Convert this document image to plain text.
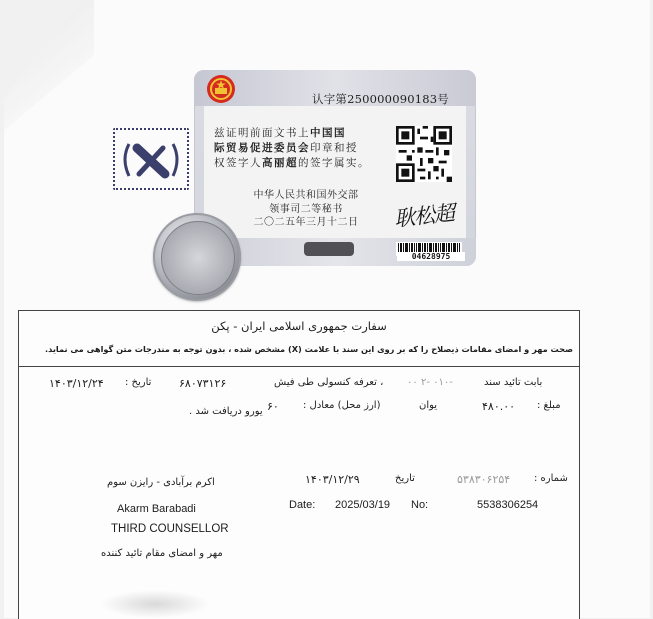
认字第250000090183号
兹证明前面文书上中国国
际贸易促进委员会印章和授
权签字人高丽超的签字属实。
中华人民共和国外交部
领事司二等秘书
二〇二五年三月十二日	耿松超
04628975
سفارت جمهوری اسلامی ایران - پکن
صحت مهر و امضای مقامات ذیصلاح را که بر روی این سند با علامت (X) مشخص شده ، بدون توجه به مندرجات متن گواهی می نماید.
بابت تائید سند
-٠١٠ -٢ ٠٠
، تعرفه کنسولی طی فیش
۶۸۰۷۳۱۲۶
تاریخ :
۱۴۰۳/۱۲/۲۴
مبلغ :
۴۸۰.۰۰
یوان
(ارز محل) معادل :
۶۰
یورو دریافت شد .
اکرم برآبادی - رایزن سوم
Akarm Barabadi
THIRD COUNSELLOR
مهر و امضای مقام تائید کننده
شماره :
۵۳۸۳۰۶۲۵۴
تاریخ
۱۴۰۳/۱۲/۲۹
Date: 2025/03/19 No:	5538306254
